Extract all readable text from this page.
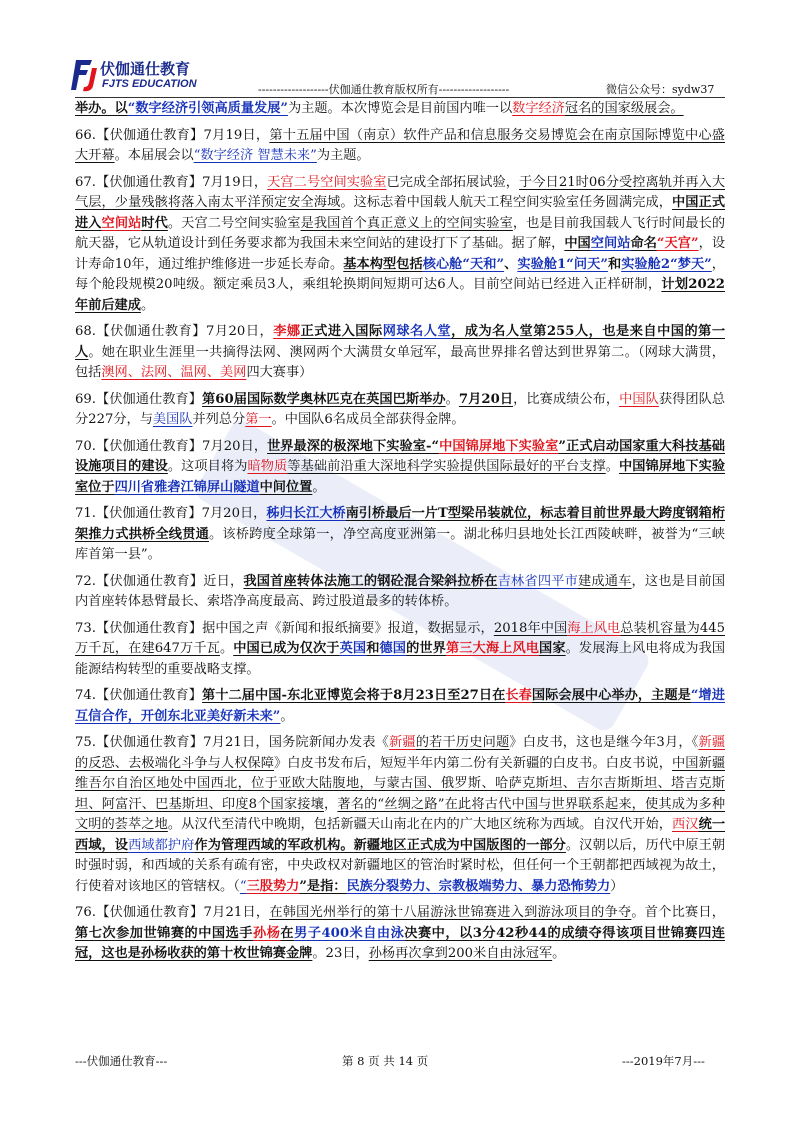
伏伽通仕教育
FJTS EDUCATION	-------------------伏伽通仕教育版权所有-------------------	微信公众号：sydw37

举办。以“数字经济引领高质量发展”为主题。本次博览会是目前国内唯一以数字经济冠名的国家级展会。

66.【伏伽通仕教育】7月19日，第十五届中国（南京）软件产品和信息服务交易博览会在南京国际博览中心盛大开幕。本届展会以“数字经济 智慧未来”为主题。

67.【伏伽通仕教育】7月19日，天宫二号空间实验室已完成全部拓展试验，于今日21时06分受控离轨并再入大气层，少量残骸将落入南太平洋预定安全海域。这标志着中国载人航天工程空间实验室任务圆满完成，中国正式进入空间站时代。天宫二号空间实验室是我国首个真正意义上的空间实验室，也是目前我国载人飞行时间最长的航天器，它从轨道设计到任务要求都为我国未来空间站的建设打下了基础。据了解，中国空间站命名“天宫”，设计寿命10年，通过维护维修进一步延长寿命。基本构型包括核心舱“天和”、实验舱1“问天”和实验舱2“梦天”，每个舱段规模20吨级。额定乘员3人，乘组轮换期间短期可达6人。目前空间站已经进入正样研制，计划2022年前后建成。

68.【伏伽通仕教育】7月20日，李娜正式进入国际网球名人堂，成为名人堂第255人，也是来自中国的第一人。她在职业生涯里一共摘得法网、澳网两个大满贯女单冠军，最高世界排名曾达到世界第二。（网球大满贯，包括澳网、法网、温网、美网四大赛事）

69.【伏伽通仕教育】第60届国际数学奥林匹克在英国巴斯举办。7月20日，比赛成绩公布，中国队获得团队总分227分，与美国队并列总分第一。中国队6名成员全部获得金牌。

70.【伏伽通仕教育】7月20日，世界最深的极深地下实验室-“中国锦屏地下实验室”正式启动国家重大科技基础设施项目的建设。这项目将为暗物质等基础前沿重大深地科学实验提供国际最好的平台支撑。中国锦屏地下实验室位于四川省雅砻江锦屏山隧道中间位置。

71.【伏伽通仕教育】7月20日，秭归长江大桥南引桥最后一片T型梁吊装就位，标志着目前世界最大跨度钢箱桁架推力式拱桥全线贯通。该桥跨度全球第一，净空高度亚洲第一。湖北秭归县地处长江西陵峡畔，被誉为“三峡库首第一县”。

72.【伏伽通仕教育】近日，我国首座转体法施工的钢砼混合梁斜拉桥在吉林省四平市建成通车，这也是目前国内首座转体悬臂最长、索塔净高度最高、跨过股道最多的转体桥。

73.【伏伽通仕教育】据中国之声《新闻和报纸摘要》报道，数据显示，2018年中国海上风电总装机容量为445万千瓦，在建647万千瓦。中国已成为仅次于英国和德国的世界第三大海上风电国家。发展海上风电将成为我国能源结构转型的重要战略支撑。

74.【伏伽通仕教育】第十二届中国-东北亚博览会将于8月23日至27日在长春国际会展中心举办，主题是“增进互信合作，开创东北亚美好新未来”。

75.【伏伽通仕教育】7月21日，国务院新闻办发表《新疆的若干历史问题》白皮书，这也是继今年3月，《新疆的反恐、去极端化斗争与人权保障》白皮书发布后，短短半年内第二份有关新疆的白皮书。白皮书说，中国新疆维吾尔自治区地处中国西北，位于亚欧大陆腹地，与蒙古国、俄罗斯、哈萨克斯坦、吉尔吉斯斯坦、塔吉克斯坦、阿富汗、巴基斯坦、印度8个国家接壤，著名的“丝绸之路”在此将古代中国与世界联系起来，使其成为多种文明的荟萃之地。从汉代至清代中晚期，包括新疆天山南北在内的广大地区统称为西域。自汉代开始，西汉统一西域，设西域都护府作为管理西域的军政机构。新疆地区正式成为中国版图的一部分。汉朝以后，历代中原王朝时强时弱，和西域的关系有疏有密，中央政权对新疆地区的管治时紧时松，但任何一个王朝都把西域视为故土，行使着对该地区的管辖权。（“三股势力”是指：民族分裂势力、宗教极端势力、暴力恐怖势力）

76.【伏伽通仕教育】7月21日，在韩国光州举行的第十八届游泳世锦赛进入到游泳项目的争夺。首个比赛日，第七次参加世锦赛的中国选手孙杨在男子400米自由泳决赛中，以3分42秒44的成绩夺得该项目世锦赛四连冠，这也是孙杨收获的第十枚世锦赛金牌。23日，孙杨再次拿到200米自由泳冠军。

---伏伽通仕教育---	第 8 页 共 14 页	---2019年7月---
